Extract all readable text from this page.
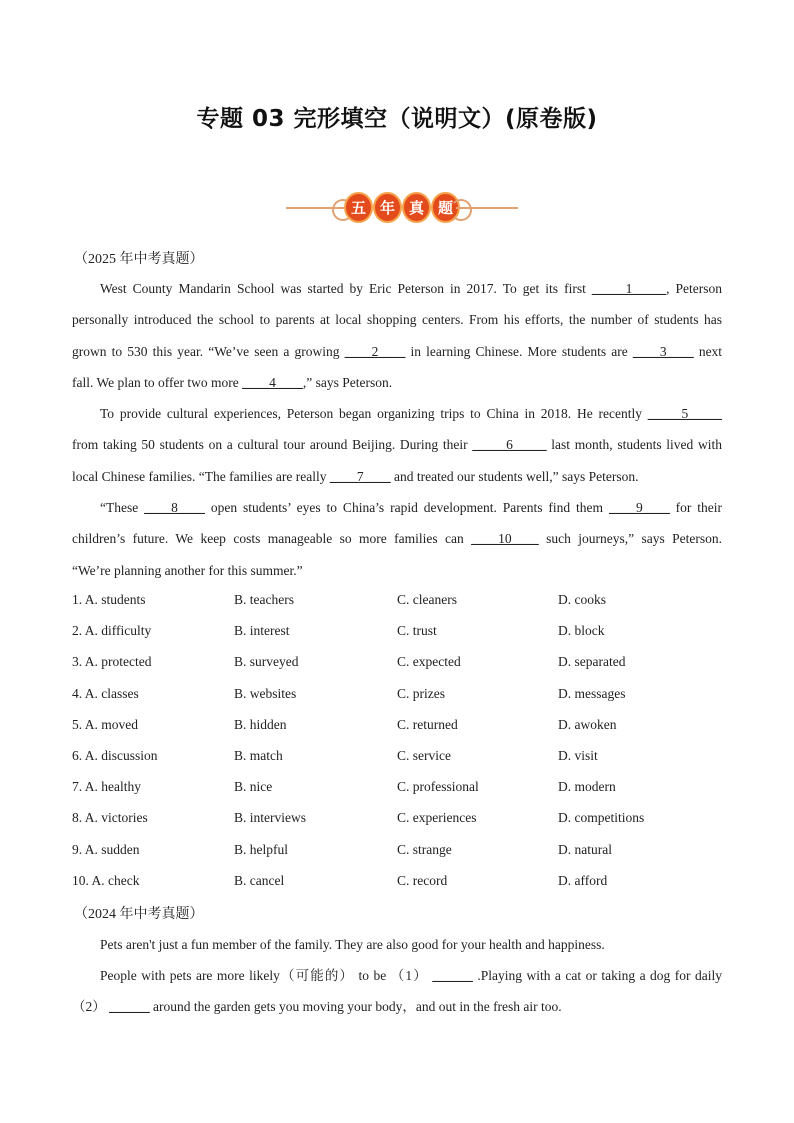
专题 03 完形填空（说明文）(原卷版)
五 年 真 题
（2025 年中考真题）
West County Mandarin School was started by Eric Peterson in 2017. To get its first _____1_____, Peterson
personally introduced the school to parents at local shopping centers. From his efforts, the number of students has
grown to 530 this year. “We’ve seen a growing ____2____ in learning Chinese. More students are ____3____ next
fall. We plan to offer two more ____4____,” says Peterson.
To provide cultural experiences, Peterson began organizing trips to China in 2018. He recently _____5_____
from taking 50 students on a cultural tour around Beijing. During their _____6_____ last month, students lived with
local Chinese families. “The families are really ____7____ and treated our students well,” says Peterson.
“These ____8____ open students’ eyes to China’s rapid development. Parents find them ____9____ for their
children’s future. We keep costs manageable so more families can ____10____ such journeys,” says Peterson.
“We’re planning another for this summer.”
1. A. students	B. teachers	C. cleaners	D. cooks
2. A. difficulty	B. interest	C. trust	D. block
3. A. protected	B. surveyed	C. expected	D. separated
4. A. classes	B. websites	C. prizes	D. messages
5. A. moved	B. hidden	C. returned	D. awoken
6. A. discussion	B. match	C. service	D. visit
7. A. healthy	B. nice	C. professional	D. modern
8. A. victories	B. interviews	C. experiences	D. competitions
9. A. sudden	B. helpful	C. strange	D. natural
10. A. check	B. cancel	C. record	D. afford
（2024 年中考真题）
Pets aren't just a fun member of the family. They are also good for your health and happiness.
People with pets are more likely（可能的） to be （1） ______ .Playing with a cat or taking a dog for daily
（2） ______ around the garden gets you moving your body，and out in the fresh air too.
